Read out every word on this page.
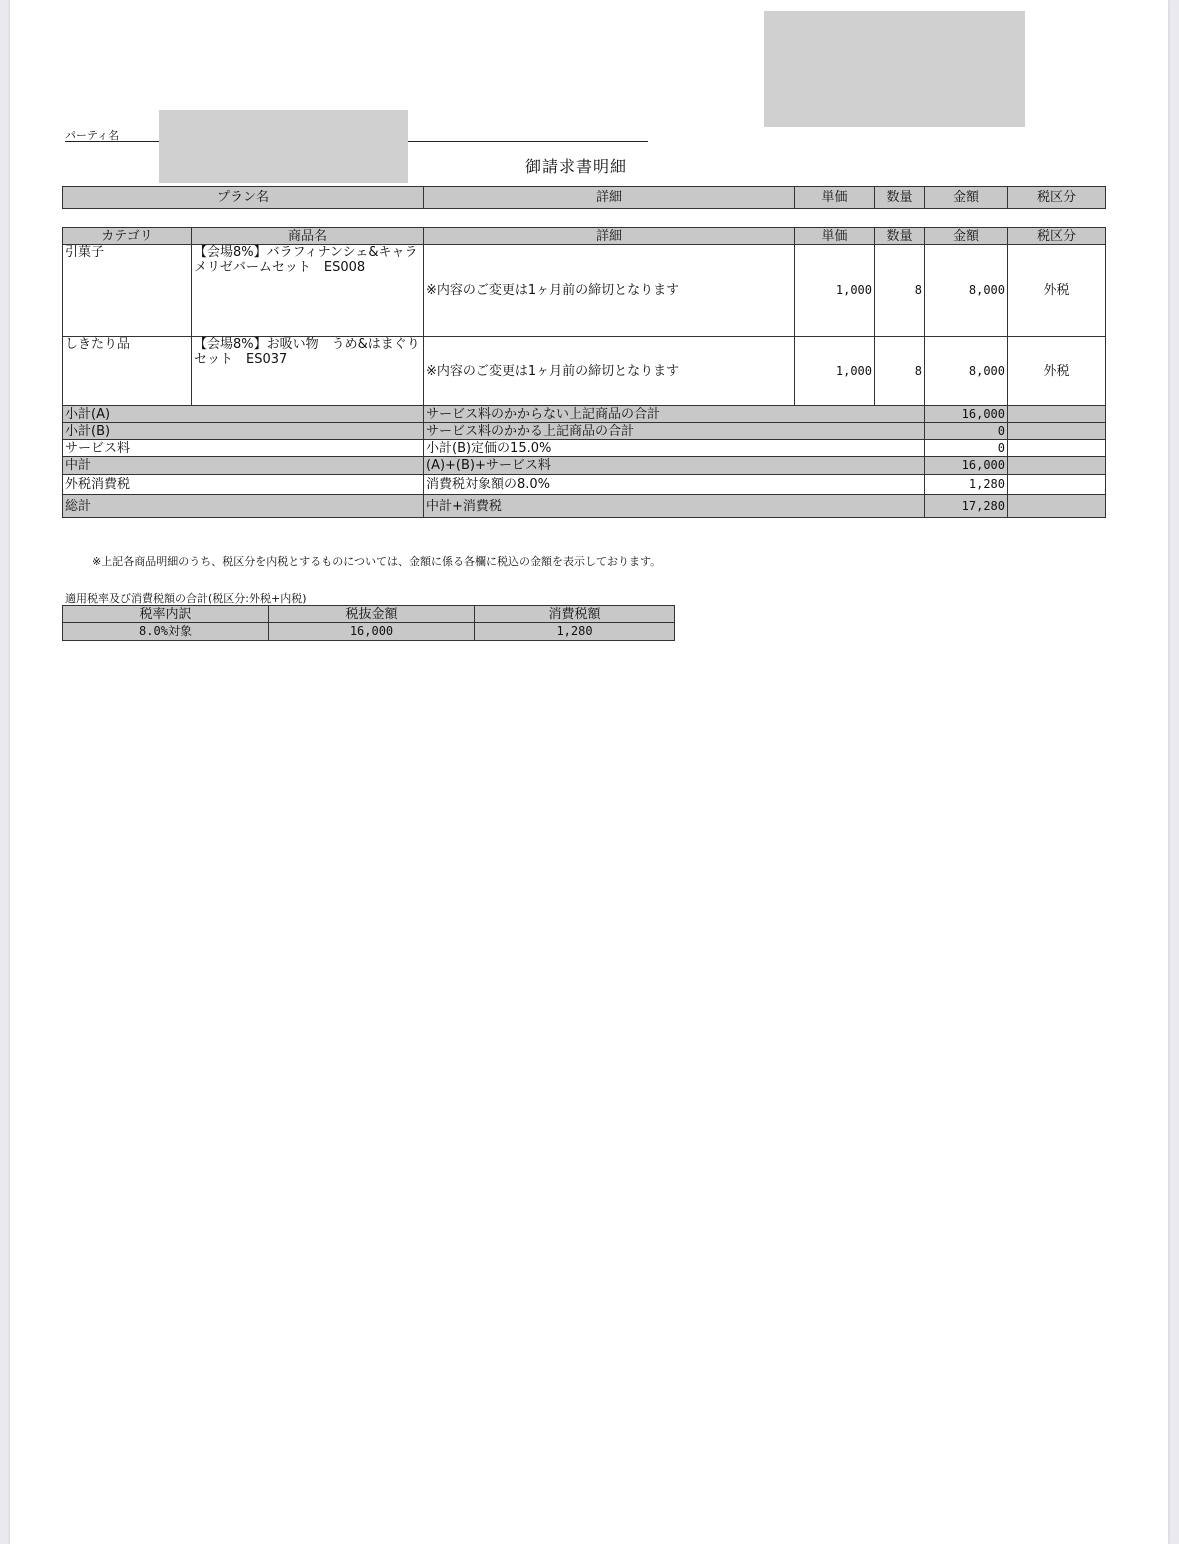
パーティ名
御請求書明細
プラン名	詳細	単価	数量	金額	税区分
カテゴリ	商品名	詳細	単価	数量	金額	税区分
引菓子	【会場8%】バラフィナンシェ&キャラメリゼバームセット　ES008	※内容のご変更は1ヶ月前の締切となります	1,000	8	8,000	外税
しきたり品	【会場8%】お吸い物　うめ&はまぐりセット　ES037	※内容のご変更は1ヶ月前の締切となります	1,000	8	8,000	外税
小計(A)		サービス料のかからない上記商品の合計			16,000	
小計(B)		サービス料のかかる上記商品の合計			0	
サービス料		小計(B)定価の15.0%			0	
中計		(A)+(B)+サービス料			16,000	
外税消費税		消費税対象額の8.0%			1,280	
総計		中計+消費税			17,280	
※上記各商品明細のうち、税区分を内税とするものについては、金額に係る各欄に税込の金額を表示しております。
適用税率及び消費税額の合計(税区分:外税+内税)
税率内訳	税抜金額	消費税額
8.0%対象	16,000	1,280
